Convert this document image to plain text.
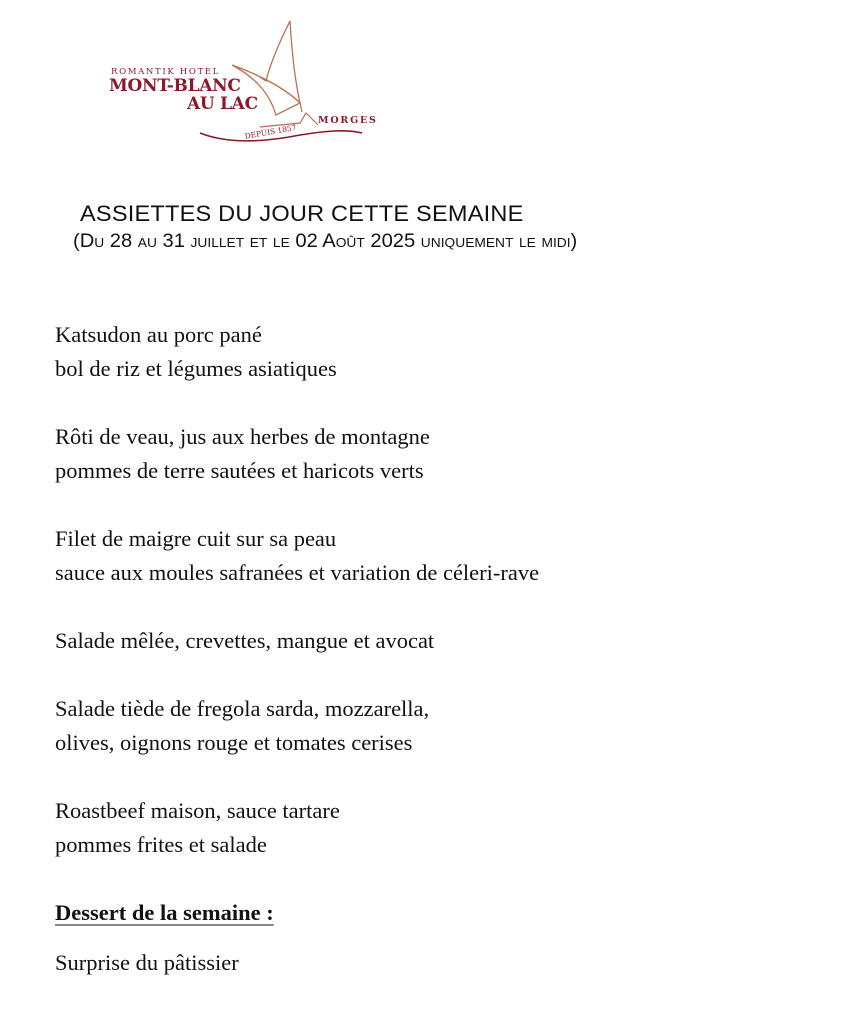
ROMANTIK HOTEL
MONT-BLANC
AU LAC
MORGES
DEPUIS 1857
ASSIETTES DU JOUR CETTE SEMAINE
(Du 28 au 31 juillet et le 02 Août 2025 uniquement le midi)
Katsudon au porc pané
bol de riz et légumes asiatiques
Rôti de veau, jus aux herbes de montagne
pommes de terre sautées et haricots verts
Filet de maigre cuit sur sa peau
sauce aux moules safranées et variation de céleri-rave
Salade mêlée, crevettes, mangue et avocat
Salade tiède de fregola sarda, mozzarella,
olives, oignons rouge et tomates cerises
Roastbeef maison, sauce tartare
pommes frites et salade
Dessert de la semaine :
Surprise du pâtissier
